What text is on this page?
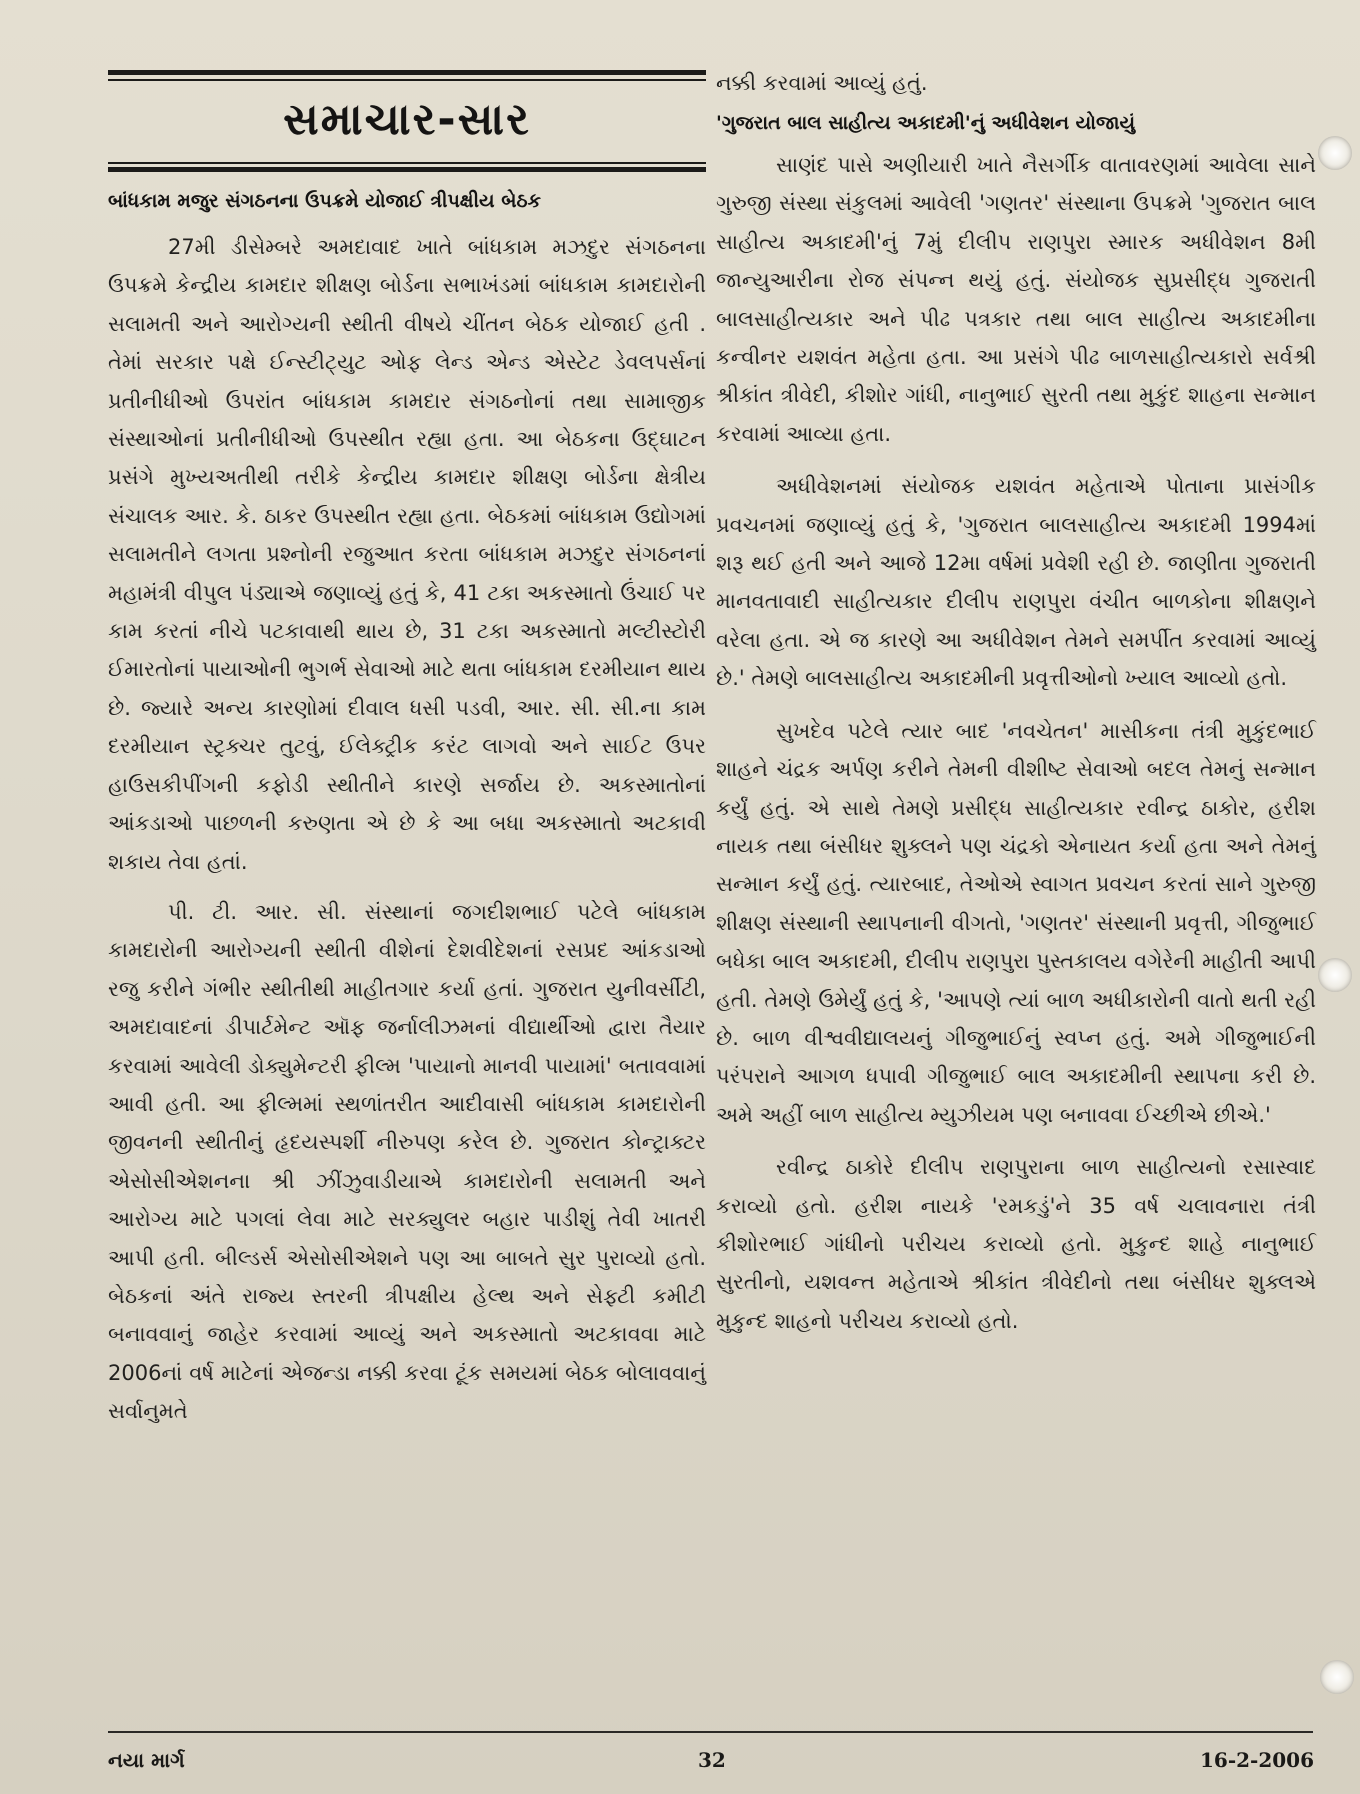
સમાચાર-સાર

બાંધકામ મજુર સંગઠનના ઉપક્રમે યોજાઈ ત્રીપક્ષીય બેઠક

27મી ડીસેમ્બરે અમદાવાદ ખાતે બાંધકામ મઝદુર સંગઠનના ઉપક્રમે કેન્દ્રીય કામદાર શીક્ષણ બોર્ડના સભાખંડમાં બાંધકામ કામદારોની સલામતી અને આરોગ્યની સ્થીતી વીષયે ચીંતન બેઠક યોજાઈ હતી . તેમાં સરકાર પક્ષે ઈન્સ્ટીટ્યુટ ઓફ લેન્ડ એન્ડ એસ્ટેટ ડેવલપર્સનાં પ્રતીનીધીઓ ઉપરાંત બાંધકામ કામદાર સંગઠનોનાં તથા સામાજીક સંસ્થાઓનાં પ્રતીનીધીઓ ઉપસ્થીત રહ્યા હતા. આ બેઠકના ઉદ્ઘાટન પ્રસંગે મુખ્યઅતીથી તરીકે કેન્દ્રીય કામદાર શીક્ષણ બોર્ડના ક્ષેત્રીય સંચાલક આર. કે. ઠાકર ઉપસ્થીત રહ્યા હતા. બેઠકમાં બાંધકામ ઉદ્યોગમાં સલામતીને લગતા પ્રશ્નોની રજુઆત કરતા બાંધકામ મઝદુર સંગઠનનાં મહામંત્રી વીપુલ પંડ્યાએ જણાવ્યું હતું કે, 41 ટકા અકસ્માતો ઉંચાઈ પર કામ કરતાં નીચે પટકાવાથી થાય છે, 31 ટકા અકસ્માતો મલ્ટીસ્ટોરી ઈમારતોનાં પાયાઓની ભુગર્ભ સેવાઓ માટે થતા બાંધકામ દરમીયાન થાય છે. જ્યારે અન્ય કારણોમાં દીવાલ ધસી પડવી, આર. સી. સી.ના કામ દરમીયાન સ્ટ્રક્ચર તુટવું, ઈલેક્ટ્રીક કરંટ લાગવો અને સાઈટ ઉપર હાઉસકીપીંગની કફોડી સ્થીતીને કારણે સર્જાય છે. અકસ્માતોનાં આંકડાઓ પાછળની કરુણતા એ છે કે આ બધા અકસ્માતો અટકાવી શકાય તેવા હતાં.

પી. ટી. આર. સી. સંસ્થાનાં જગદીશભાઈ પટેલે બાંધકામ કામદારોની આરોગ્યની સ્થીતી વીશેનાં દેશવીદેશનાં રસપ્રદ આંકડાઓ રજુ કરીને ગંભીર સ્થીતીથી માહીતગાર કર્યા હતાં. ગુજરાત યુનીવર્સીટી, અમદાવાદનાં ડીપાર્ટમેન્ટ ઑફ જર્નાલીઝમનાં વીદ્યાર્થીઓ દ્વારા તૈયાર કરવામાં આવેલી ડોક્યુમેન્ટરી ફીલ્મ 'પાયાનો માનવી પાયામાં' બતાવવામાં આવી હતી. આ ફીલ્મમાં સ્થળાંતરીત આદીવાસી બાંધકામ કામદારોની જીવનની સ્થીતીનું હૃદયસ્પર્શી નીરુપણ કરેલ છે. ગુજરાત કોન્ટ્રાક્ટર એસોસીએશનના શ્રી ઝીંઝુવાડીયાએ કામદારોની સલામતી અને આરોગ્ય માટે પગલાં લેવા માટે સરક્યુલર બહાર પાડીશું તેવી ખાતરી આપી હતી. બીલ્ડર્સ એસોસીએશને પણ આ બાબતે સુર પુરાવ્યો હતો. બેઠકનાં અંતે રાજ્ય સ્તરની ત્રીપક્ષીય હેલ્થ અને સેફ્ટી કમીટી બનાવવાનું જાહેર કરવામાં આવ્યું અને અકસ્માતો અટકાવવા માટે 2006નાં વર્ષ માટેનાં એજન્ડા નક્કી કરવા ટૂંક સમયમાં બેઠક બોલાવવાનું સર્વાનુમતે

નક્કી કરવામાં આવ્યું હતું.

'ગુજરાત બાલ સાહીત્ય અકાદમી'નું અધીવેશન યોજાયું

સાણંદ પાસે અણીયારી ખાતે નૈસર્ગીક વાતાવરણમાં આવેલા સાને ગુરુજી સંસ્થા સંકુલમાં આવેલી 'ગણતર' સંસ્થાના ઉપક્રમે 'ગુજરાત બાલ સાહીત્ય અકાદમી'નું 7મું દીલીપ રાણપુરા સ્મારક અધીવેશન 8મી જાન્યુઆરીના રોજ સંપન્ન થયું હતું. સંયોજક સુપ્રસીદ્ધ ગુજરાતી બાલસાહીત્યકાર અને પીઢ પત્રકાર તથા બાલ સાહીત્ય અકાદમીના કન્વીનર યશવંત મહેતા હતા. આ પ્રસંગે પીઢ બાળસાહીત્યકારો સર્વશ્રી શ્રીકાંત ત્રીવેદી, કીશોર ગાંધી, નાનુભાઈ સુરતી તથા મુકુંદ શાહના સન્માન કરવામાં આવ્યા હતા.

અધીવેશનમાં સંયોજક યશવંત મહેતાએ પોતાના પ્રાસંગીક પ્રવચનમાં જણાવ્યું હતું કે, 'ગુજરાત બાલસાહીત્ય અકાદમી 1994માં શરૂ થઈ હતી અને આજે 12મા વર્ષમાં પ્રવેશી રહી છે. જાણીતા ગુજરાતી માનવતાવાદી સાહીત્યકાર દીલીપ રાણપુરા વંચીત બાળકોના શીક્ષણને વરેલા હતા. એ જ કારણે આ અધીવેશન તેમને સમર્પીત કરવામાં આવ્યું છે.' તેમણે બાલસાહીત્ય અકાદમીની પ્રવૃત્તીઓનો ખ્યાલ આવ્યો હતો.

સુખદેવ પટેલે ત્યાર બાદ 'નવચેતન' માસીકના તંત્રી મુકુંદભાઈ શાહને ચંદ્રક અર્પણ કરીને તેમની વીશીષ્ટ સેવાઓ બદલ તેમનું સન્માન કર્યું હતું. એ સાથે તેમણે પ્રસીદ્ધ સાહીત્યકાર રવીન્દ્ર ઠાકોર, હરીશ નાયક તથા બંસીધર શુક્લને પણ ચંદ્રકો એનાયત કર્યા હતા અને તેમનું સન્માન કર્યું હતું. ત્યારબાદ, તેઓએ સ્વાગત પ્રવચન કરતાં સાને ગુરુજી શીક્ષણ સંસ્થાની સ્થાપનાની વીગતો, 'ગણતર' સંસ્થાની પ્રવૃત્તી, ગીજુભાઈ બધેકા બાલ અકાદમી, દીલીપ રાણપુરા પુસ્તકાલય વગેરેની માહીતી આપી હતી. તેમણે ઉમેર્યું હતું કે, 'આપણે ત્યાં બાળ અધીકારોની વાતો થતી રહી છે. બાળ વીશ્વવીદ્યાલયનું ગીજુભાઈનું સ્વપ્ન હતું. અમે ગીજુભાઈની પરંપરાને આગળ ધપાવી ગીજુભાઈ બાલ અકાદમીની સ્થાપના કરી છે. અમે અહીં બાળ સાહીત્ય મ્યુઝીયમ પણ બનાવવા ઈચ્છીએ છીએ.'

રવીન્દ્ર ઠાકોરે દીલીપ રાણપુરાના બાળ સાહીત્યનો રસાસ્વાદ કરાવ્યો હતો. હરીશ નાયકે 'રમકડું'ને 35 વર્ષ ચલાવનારા તંત્રી કીશોરભાઈ ગાંધીનો પરીચય કરાવ્યો હતો. મુકુન્દ શાહે નાનુભાઈ સુરતીનો, યશવન્ત મહેતાએ શ્રીકાંત ત્રીવેદીનો તથા બંસીધર શુક્લએ મુકુન્દ શાહનો પરીચય કરાવ્યો હતો.

નયા માર્ગ	32	16-2-2006
